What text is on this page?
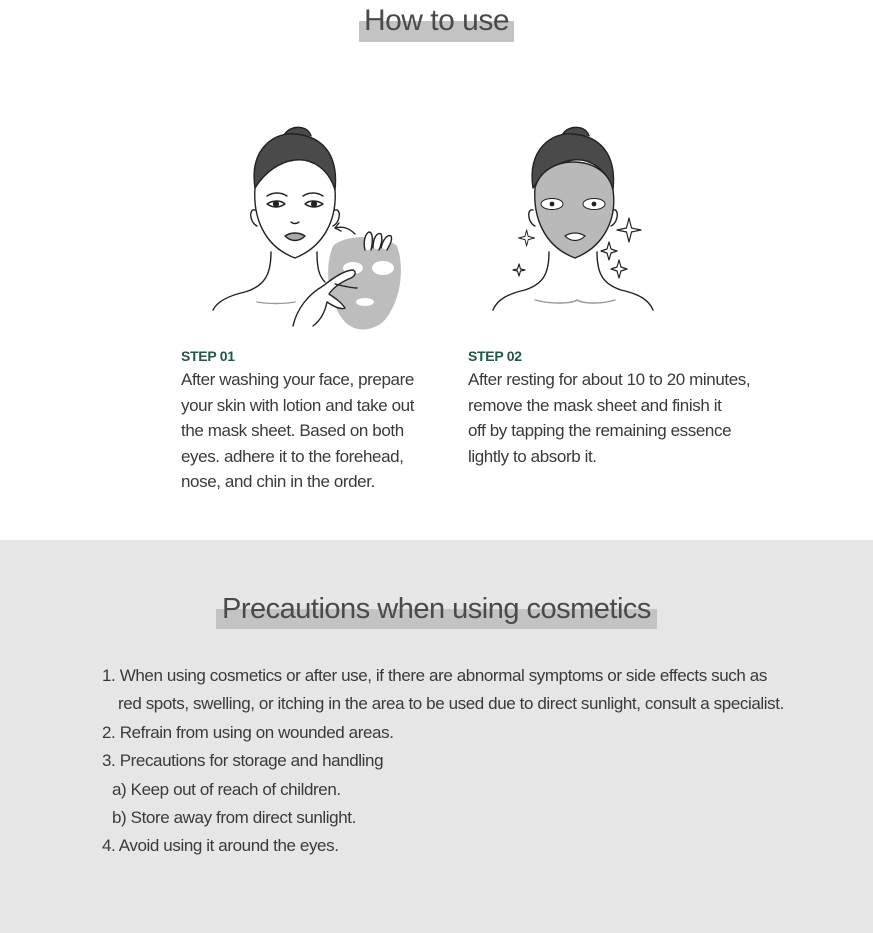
How to use
STEP 01
After washing your face, prepare
your skin with lotion and take out
the mask sheet. Based on both
eyes. adhere it to the forehead,
nose, and chin in the order.
STEP 02
After resting for about 10 to 20 minutes,
remove the mask sheet and finish it
off by tapping the remaining essence
lightly to absorb it.
Precautions when using cosmetics
1. When using cosmetics or after use, if there are abnormal symptoms or side effects such as red spots, swelling, or itching in the area to be used due to direct sunlight, consult a specialist.
2. Refrain from using on wounded areas.
3. Precautions for storage and handling
a) Keep out of reach of children.
b) Store away from direct sunlight.
4. Avoid using it around the eyes.
